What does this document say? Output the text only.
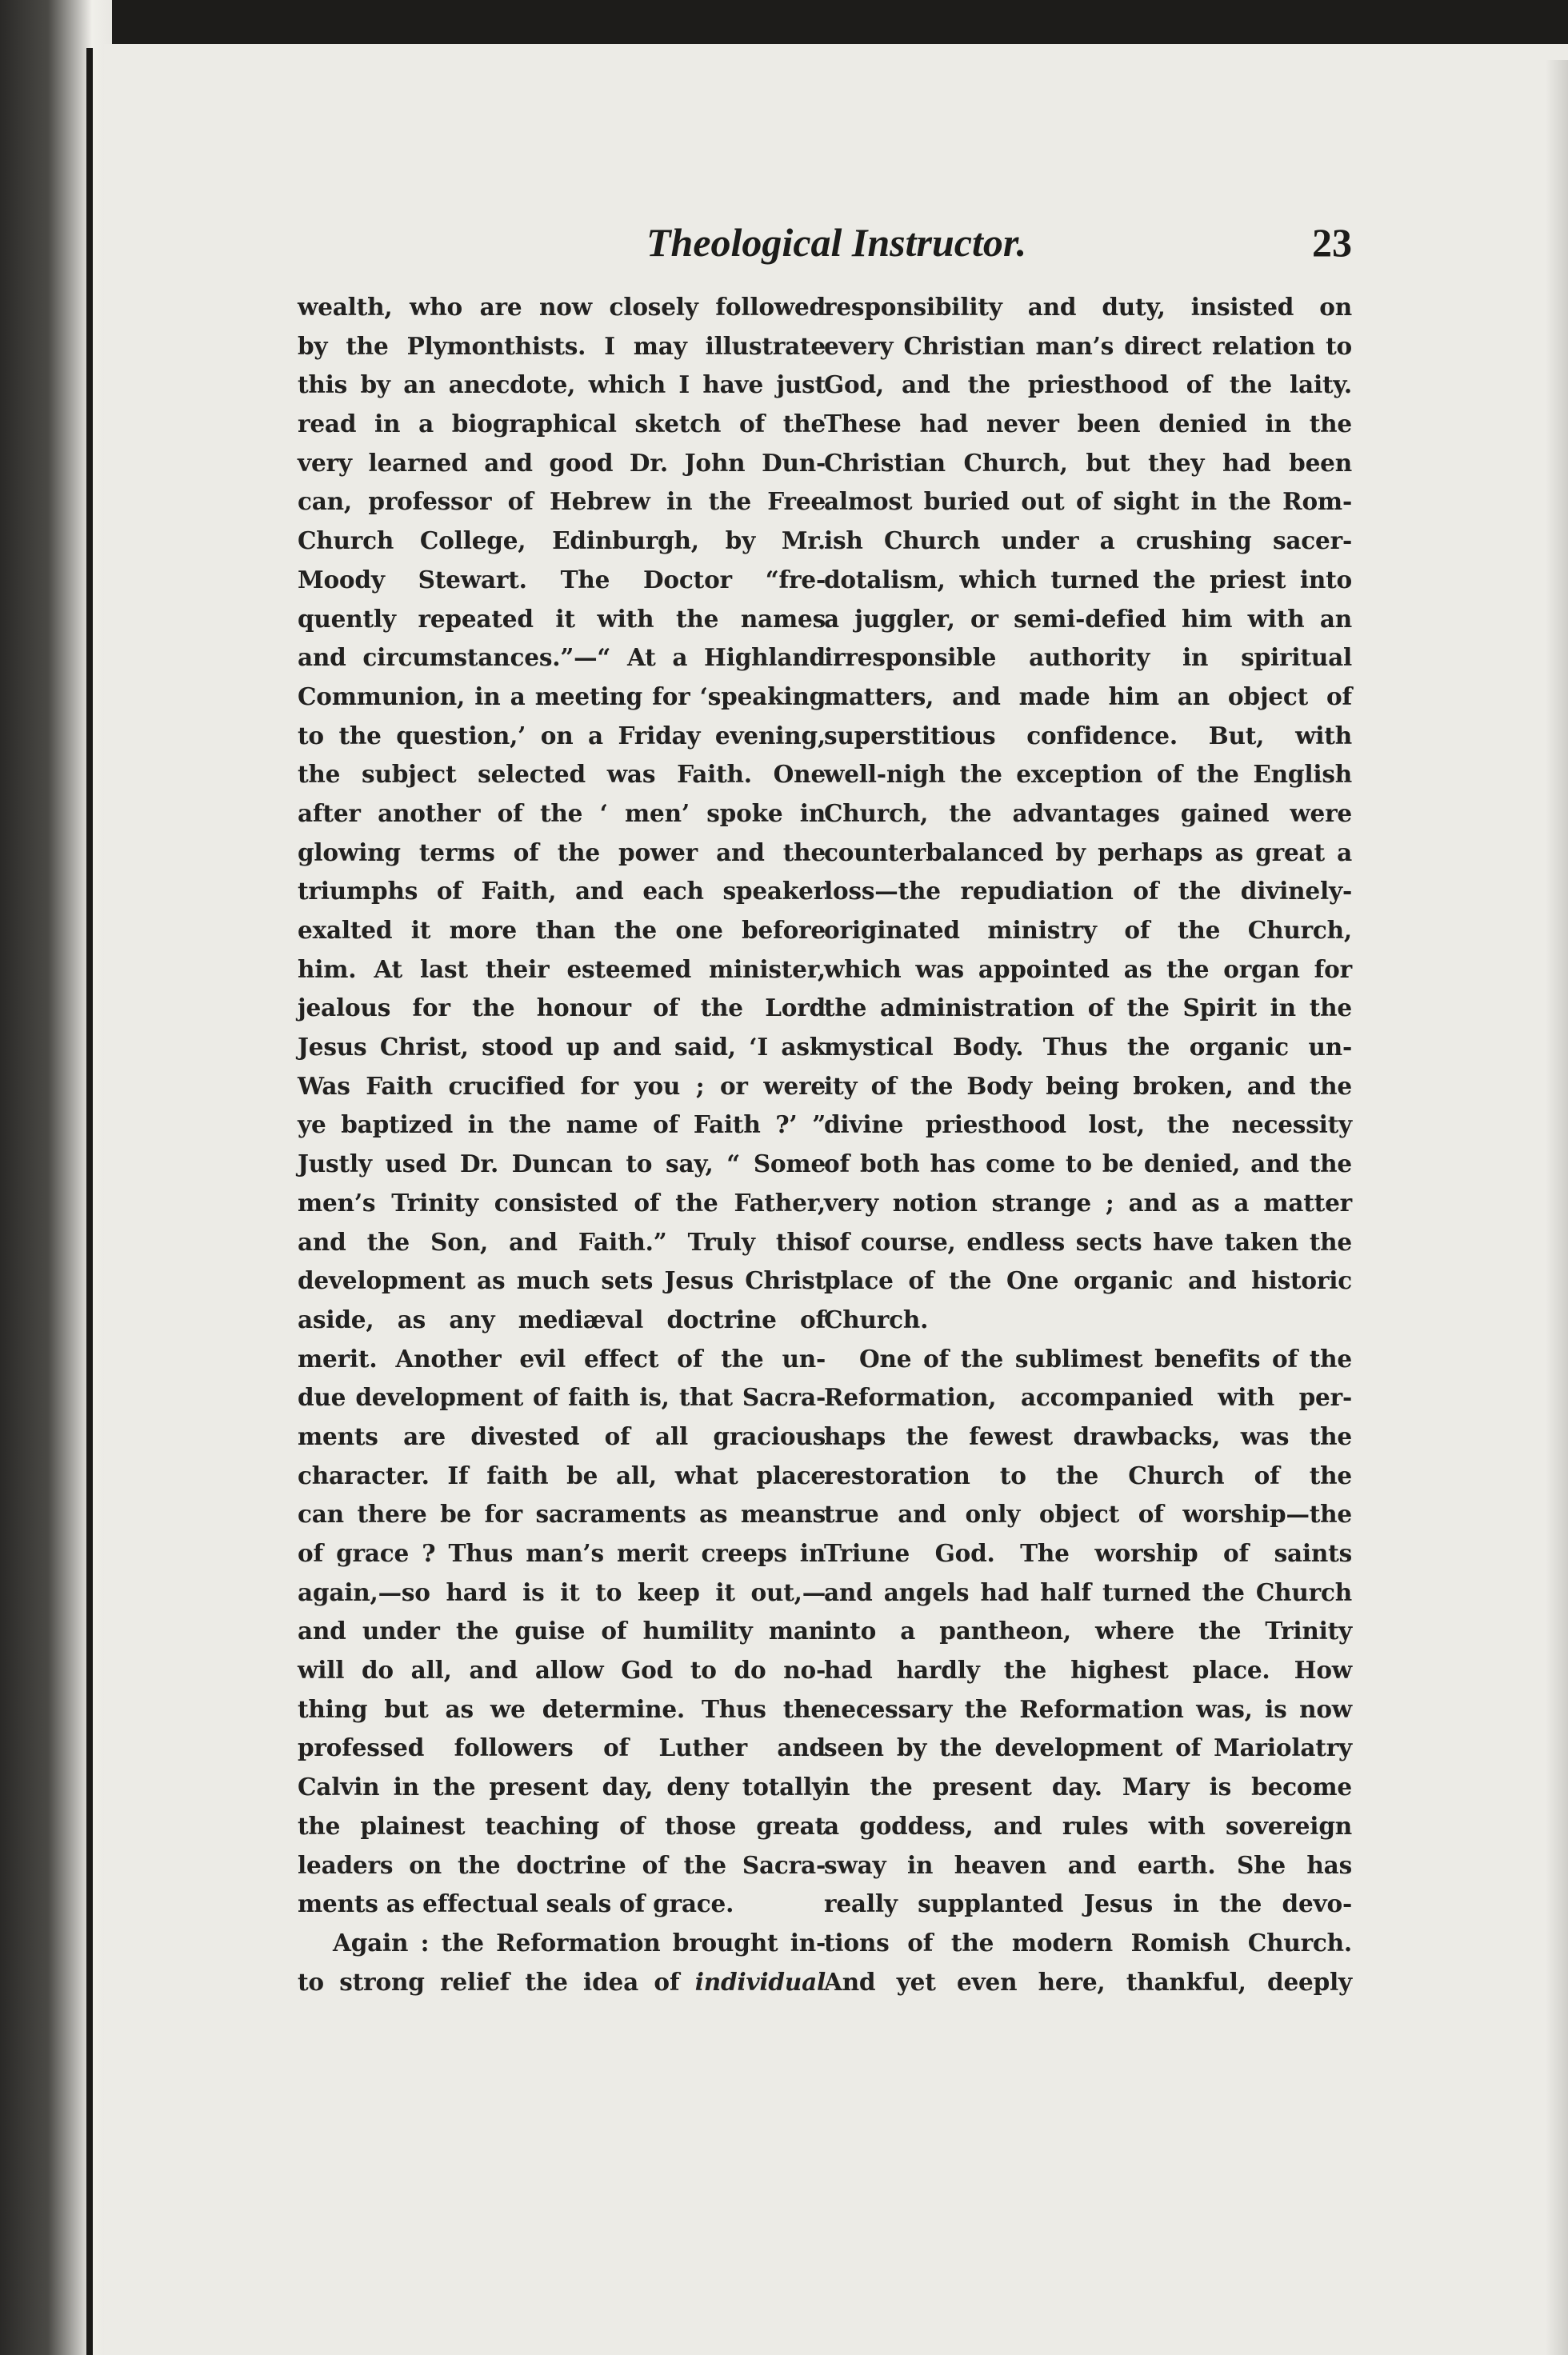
Theological Instructor.	23
wealth, who are now closely followed
by the Plymonthists. I may illustrate
this by an anecdote, which I have just
read in a biographical sketch of the
very learned and good Dr. John Dun-
can, professor of Hebrew in the Free
Church College, Edinburgh, by Mr.
Moody Stewart. The Doctor “fre-
quently repeated it with the names
and circumstances.”—“ At a Highland
Communion, in a meeting for ‘speaking
to the question,’ on a Friday evening,
the subject selected was Faith. One
after another of the ‘ men’ spoke in
glowing terms of the power and the
triumphs of Faith, and each speaker
exalted it more than the one before
him. At last their esteemed minister,
jealous for the honour of the Lord
Jesus Christ, stood up and said, ‘I ask
Was Faith crucified for you ; or were
ye baptized in the name of Faith ?’ ”
Justly used Dr. Duncan to say, “ Some
men’s Trinity consisted of the Father,
and the Son, and Faith.” Truly this
development as much sets Jesus Christ
aside, as any mediæval doctrine of
merit. Another evil effect of the un-
due development of faith is, that Sacra-
ments are divested of all gracious
character. If faith be all, what place
can there be for sacraments as means
of grace ? Thus man’s merit creeps in
again,—so hard is it to keep it out,—
and under the guise of humility man
will do all, and allow God to do no-
thing but as we determine. Thus the
professed followers of Luther and
Calvin in the present day, deny totally
the plainest teaching of those great
leaders on the doctrine of the Sacra-
ments as effectual seals of grace.
Again : the Reformation brought in-
to strong relief the idea of individual
responsibility and duty, insisted on
every Christian man’s direct relation to
God, and the priesthood of the laity.
These had never been denied in the
Christian Church, but they had been
almost buried out of sight in the Rom-
ish Church under a crushing sacer-
dotalism, which turned the priest into
a juggler, or semi-defied him with an
irresponsible authority in spiritual
matters, and made him an object of
superstitious confidence. But, with
well-nigh the exception of the English
Church, the advantages gained were
counterbalanced by perhaps as great a
loss—the repudiation of the divinely-
originated ministry of the Church,
which was appointed as the organ for
the administration of the Spirit in the
mystical Body. Thus the organic un-
ity of the Body being broken, and the
divine priesthood lost, the necessity
of both has come to be denied, and the
very notion strange ; and as a matter
of course, endless sects have taken the
place of the One organic and historic
Church.
One of the sublimest benefits of the
Reformation, accompanied with per-
haps the fewest drawbacks, was the
restoration to the Church of the
true and only object of worship—the
Triune God. The worship of saints
and angels had half turned the Church
into a pantheon, where the Trinity
had hardly the highest place. How
necessary the Reformation was, is now
seen by the development of Mariolatry
in the present day. Mary is become
a goddess, and rules with sovereign
sway in heaven and earth. She has
really supplanted Jesus in the devo-
tions of the modern Romish Church.
And yet even here, thankful, deeply
